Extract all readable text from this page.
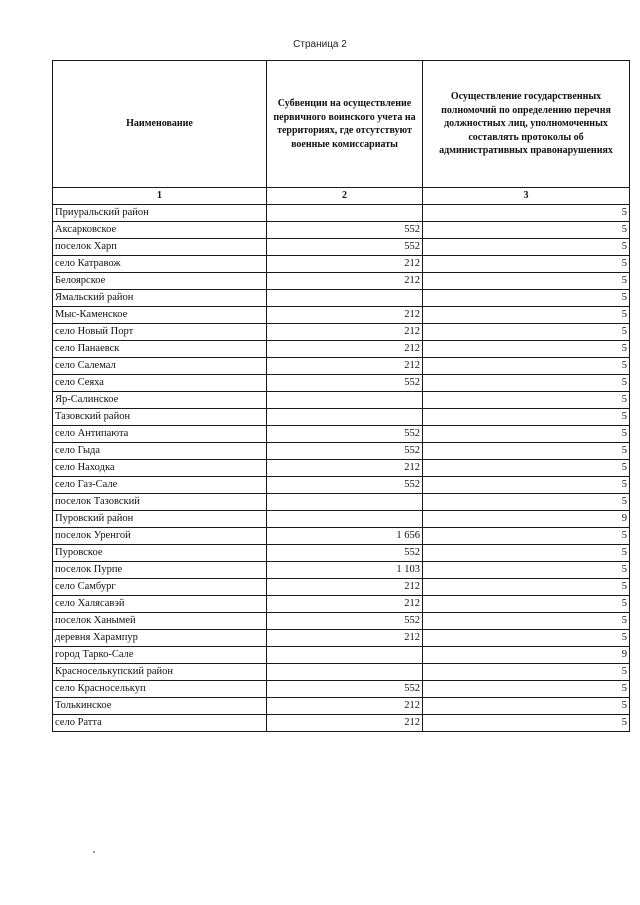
Страница 2
Наименование	Субвенции на осуществление первичного воинского учета на территориях, где отсутствуют военные комиссариаты	Осуществление государственных полномочий по определению перечня должностных лиц, уполномоченных составлять протоколы об административных правонарушениях
1	2	3
Приуральский район		5
Аксарковское	552	5
поселок Харп	552	5
село Катравож	212	5
Белоярское	212	5
Ямальский район		5
Мыс-Каменское	212	5
село Новый Порт	212	5
село Панаевск	212	5
село Салемал	212	5
село Сеяха	552	5
Яр-Салинское		5
Тазовский район		5
село Антипаюта	552	5
село Гыда	552	5
село Находка	212	5
село Газ-Сале	552	5
поселок Тазовский		5
Пуровский район		9
поселок Уренгой	1 656	5
Пуровское	552	5
поселок Пурпе	1 103	5
село Самбург	212	5
село Халясавэй	212	5
поселок Ханымей	552	5
деревня Харампур	212	5
город Тарко-Сале		9
Красноселькупский район		5
село Красноселькуп	552	5
Толькинское	212	5
село Ратта	212	5
